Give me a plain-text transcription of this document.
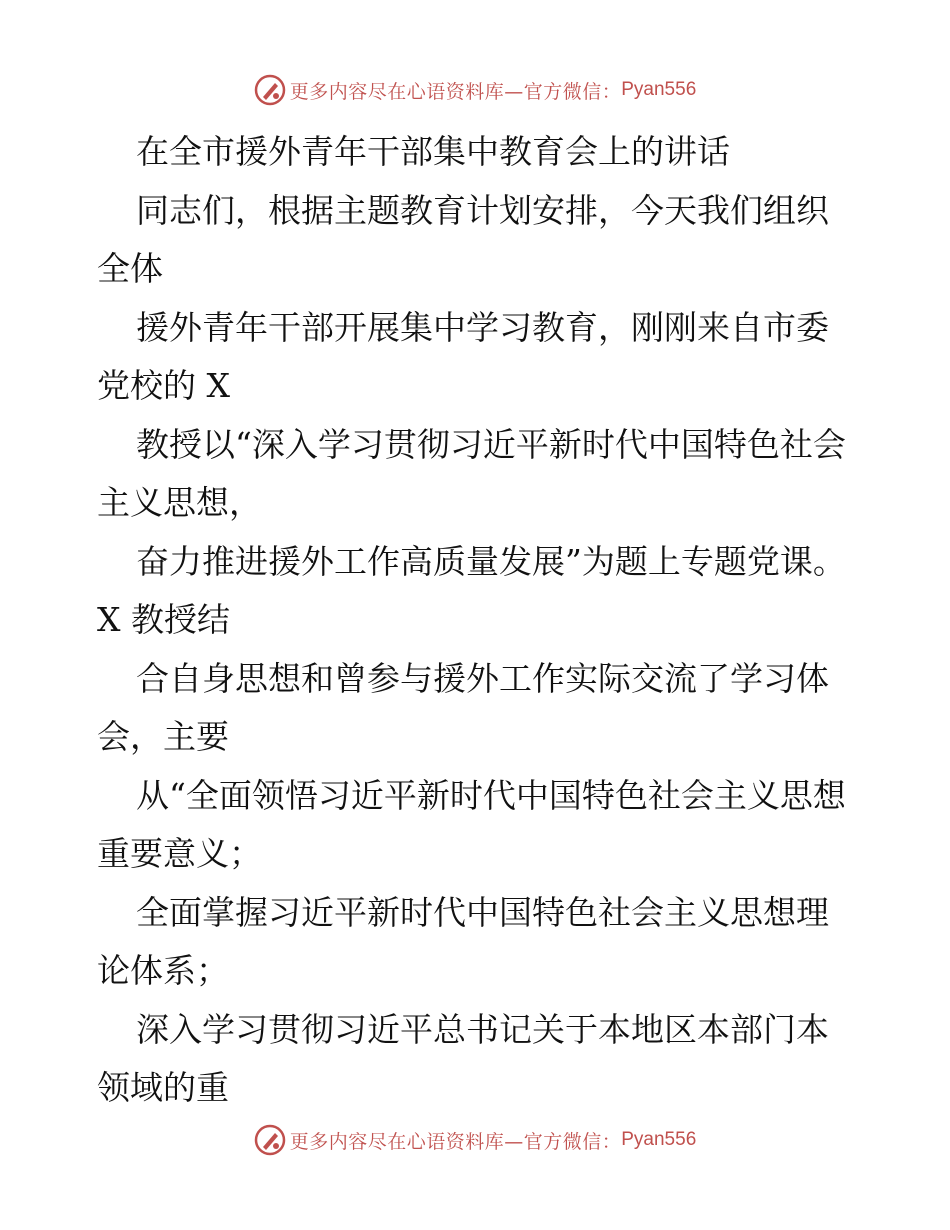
更多内容尽在心语资料库—官方微信： Pyan556

在全市援外青年干部集中教育会上的讲话

同志们，根据主题教育计划安排，今天我们组织全体

援外青年干部开展集中学习教育，刚刚来自市委党校的 X

教授以“深入学习贯彻习近平新时代中国特色社会主义思想，

奋力推进援外工作高质量发展”为题上专题党课。X 教授结

合自身思想和曾参与援外工作实际交流了学习体会，主要

从“全面领悟习近平新时代中国特色社会主义思想重要意义；

全面掌握习近平新时代中国特色社会主义思想理论体系；

深入学习贯彻习近平总书记关于本地区本部门本领域的重

更多内容尽在心语资料库—官方微信： Pyan556
